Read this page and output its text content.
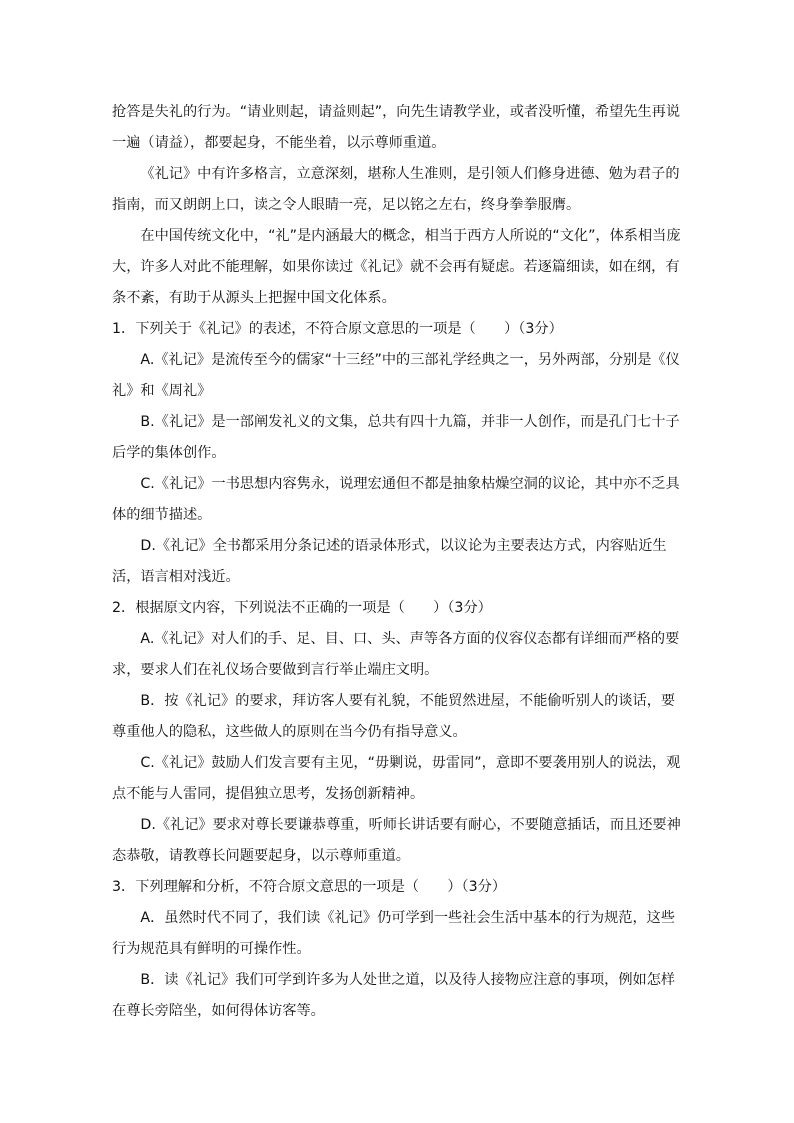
抢答是失礼的行为。“请业则起，请益则起”，向先生请教学业，或者没听懂，希望先生再说一遍（请益），都要起身，不能坐着，以示尊师重道。

《礼记》中有许多格言，立意深刻，堪称人生准则，是引领人们修身进德、勉为君子的指南，而又朗朗上口，读之令人眼睛一亮，足以铭之左右，终身拳拳服膺。

在中国传统文化中，“礼”是内涵最大的概念，相当于西方人所说的“文化”，体系相当庞大，许多人对此不能理解，如果你读过《礼记》就不会再有疑虑。若逐篇细读，如在纲，有条不紊，有助于从源头上把握中国文化体系。

1．下列关于《礼记》的表述，不符合原文意思的一项是（　　）（3分）

A.《礼记》是流传至今的儒家“十三经”中的三部礼学经典之一，另外两部，分别是《仪礼》和《周礼》

B.《礼记》是一部阐发礼义的文集，总共有四十九篇，并非一人创作，而是孔门七十子后学的集体创作。

C.《礼记》一书思想内容隽永，说理宏通但不都是抽象枯燥空洞的议论，其中亦不乏具体的细节描述。

D.《礼记》全书都采用分条记述的语录体形式，以议论为主要表达方式，内容贴近生活，语言相对浅近。

2．根据原文内容，下列说法不正确的一项是（　　）（3分）

A.《礼记》对人们的手、足、目、口、头、声等各方面的仪容仪态都有详细而严格的要求，要求人们在礼仪场合要做到言行举止端庄文明。

B．按《礼记》的要求，拜访客人要有礼貌，不能贸然进屋，不能偷听别人的谈话，要尊重他人的隐私，这些做人的原则在当今仍有指导意义。

C.《礼记》鼓励人们发言要有主见，“毋剿说，毋雷同”，意即不要袭用别人的说法，观点不能与人雷同，提倡独立思考，发扬创新精神。

D.《礼记》要求对尊长要谦恭尊重，听师长讲话要有耐心，不要随意插话，而且还要神态恭敬，请教尊长问题要起身，以示尊师重道。

3．下列理解和分析，不符合原文意思的一项是（　　）（3分）

A．虽然时代不同了，我们读《礼记》仍可学到一些社会生活中基本的行为规范，这些行为规范具有鲜明的可操作性。

B．读《礼记》我们可学到许多为人处世之道，以及待人接物应注意的事项，例如怎样在尊长旁陪坐，如何得体访客等。
